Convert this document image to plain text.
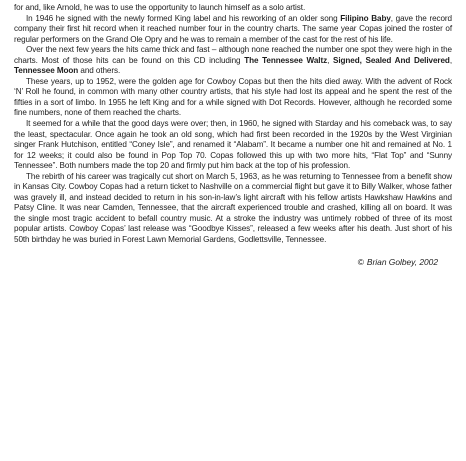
for and, like Arnold, he was to use the opportunity to launch himself as a solo artist.

In 1946 he signed with the newly formed King label and his reworking of an older song Filipino Baby, gave the record company their first hit record when it reached number four in the country charts. The same year Copas joined the roster of regular performers on the Grand Ole Opry and he was to remain a member of the cast for the rest of his life.

Over the next few years the hits came thick and fast – although none reached the number one spot they were high in the charts. Most of those hits can be found on this CD including The Tennessee Waltz, Signed, Sealed And Delivered, Tennessee Moon and others.

These years, up to 1952, were the golden age for Cowboy Copas but then the hits died away. With the advent of Rock ‘N’ Roll he found, in common with many other country artists, that his style had lost its appeal and he spent the rest of the fifties in a sort of limbo. In 1955 he left King and for a while signed with Dot Records. However, although he recorded some fine numbers, none of them reached the charts.

It seemed for a while that the good days were over; then, in 1960, he signed with Starday and his comeback was, to say the least, spectacular. Once again he took an old song, which had first been recorded in the 1920s by the West Virginian singer Frank Hutchison, entitled “Coney Isle”, and renamed it “Alabam”. It became a number one hit and remained at No. 1 for 12 weeks; it could also be found in Pop Top 70. Copas followed this up with two more hits, “Flat Top” and “Sunny Tennessee”. Both numbers made the top 20 and firmly put him back at the top of his profession.

The rebirth of his career was tragically cut short on March 5, 1963, as he was returning to Tennessee from a benefit show in Kansas City. Cowboy Copas had a return ticket to Nashville on a commercial flight but gave it to Billy Walker, whose father was gravely ill, and instead decided to return in his son-in-law’s light aircraft with his fellow artists Hawkshaw Hawkins and Patsy Cline. It was near Camden, Tennessee, that the aircraft experienced trouble and crashed, killing all on board. It was the single most tragic accident to befall country music. At a stroke the industry was untimely robbed of three of its most popular artists. Cowboy Copas’ last release was “Goodbye Kisses”, released a few weeks after his death. Just short of his 50th birthday he was buried in Forest Lawn Memorial Gardens, Godlettsville, Tennessee.

© Brian Golbey, 2002
